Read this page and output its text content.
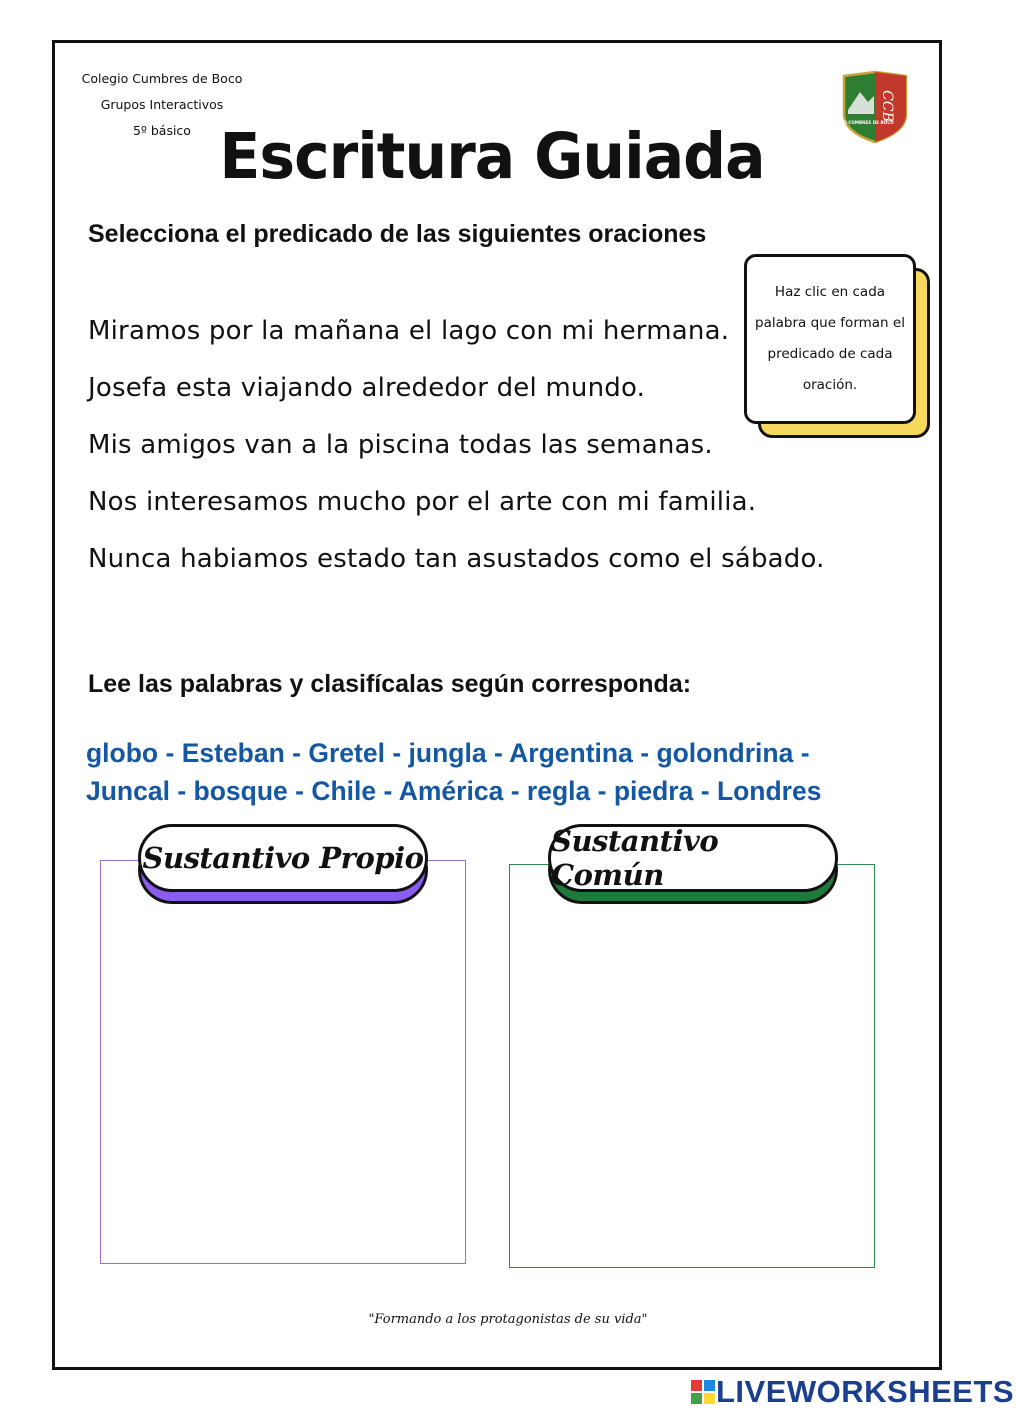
Colegio Cumbres de Boco
Grupos Interactivos
5º básico
COLEGIO CUMBRES DE BOCO
CCB
Escritura Guiada
Selecciona el predicado de las siguientes oraciones
Miramos por la mañana el lago con mi hermana.
Josefa esta viajando alrededor del mundo.
Mis amigos van a la piscina todas las semanas.
Nos interesamos mucho por el arte con mi familia.
Nunca habiamos estado tan asustados como el sábado.
Haz clic en cada palabra que forman el predicado de cada oración.
Lee las palabras y clasifícalas según corresponda:
globo - Esteban - Gretel - jungla - Argentina - golondrina -
Juncal - bosque - Chile - América - regla - piedra - Londres
Sustantivo Propio	Sustantivo Común
"Formando a los protagonistas de su vida"
LIVEWORKSHEETS
